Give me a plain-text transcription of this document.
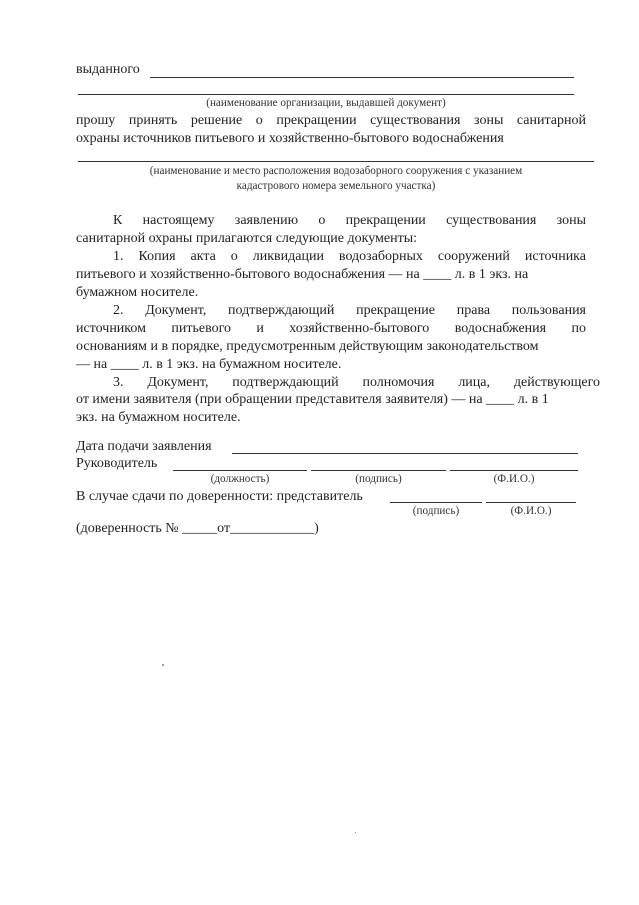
выданного
(наименование организации, выдавшей документ)
прошу принять решение о прекращении существования зоны санитарной
охраны источников питьевого и хозяйственно-бытового водоснабжения
(наименование и место расположения водозаборного сооружения с указанием
кадастрового номера земельного участка)
К настоящему заявлению о прекращении существования зоны
санитарной охраны прилагаются следующие документы:
1. Копия акта о ликвидации водозаборных сооружений источника
питьевого и хозяйственно-бытового водоснабжения — на ____ л. в 1 экз. на
бумажном носителе.
2. Документ, подтверждающий прекращение права пользования
источником питьевого и хозяйственно-бытового водоснабжения по
основаниям и в порядке, предусмотренным действующим законодательством
— на ____ л. в 1 экз. на бумажном носителе.
3. Документ, подтверждающий полномочия лица, действующего
от имени заявителя (при обращении представителя заявителя) — на ____ л. в 1
экз. на бумажном носителе.
Дата подачи заявления
Руководитель
(должность)	(подпись)	(Ф.И.О.)
В случае сдачи по доверенности: представитель
(подпись)	(Ф.И.О.)
(доверенность № _____от____________)
